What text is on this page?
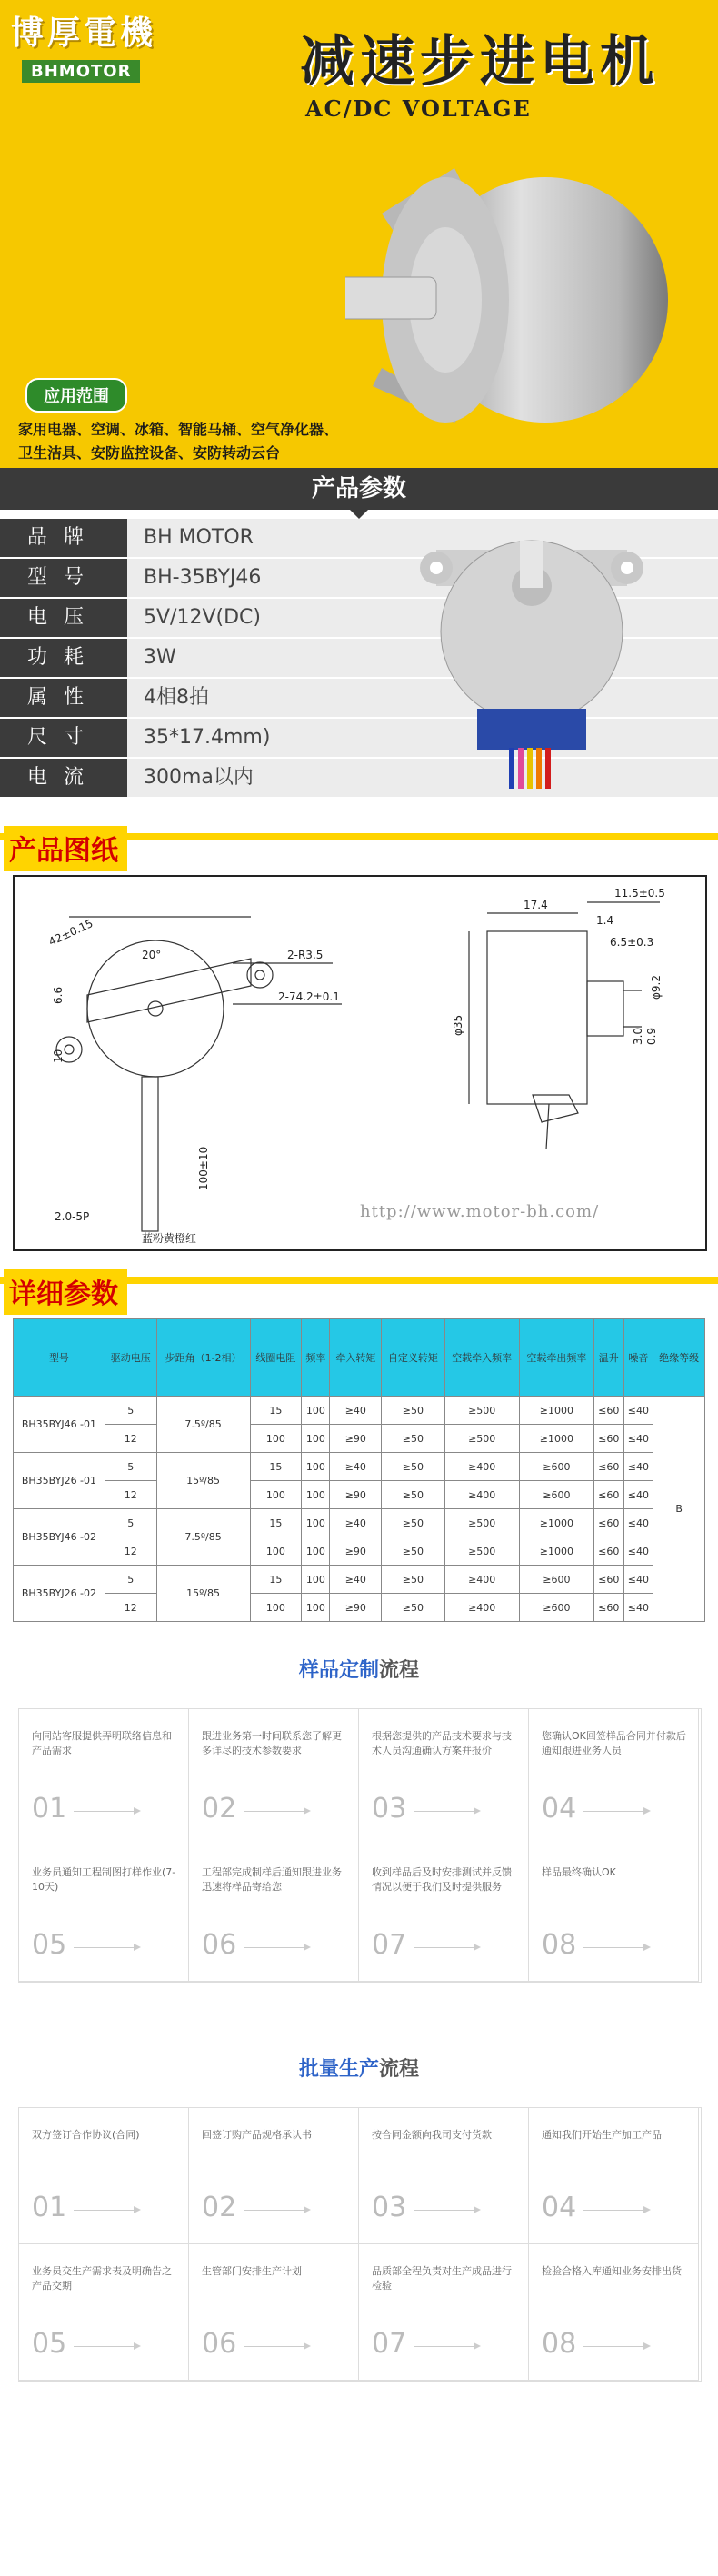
博厚電機
BHMOTOR	减速步进电机
AC/DC VOLTAGE
应用范围
家用电器、空调、冰箱、智能马桶、空气净化器、卫生洁具、安防监控设备、安防转动云台
产品参数
品牌	BH MOTOR
型号	BH-35BYJ46
电压	5V/12V(DC)
功耗	3W
属性	4相8拍
尺寸	35*17.4mm)
电流	300ma以内
产品图纸
42±0.15
2-R3.5
2-74.2±0.1
6.6
20°
10
100±10
2.0-5P
蓝粉黄橙红
17.4
11.5±0.5
1.4
6.5±0.3
φ35
φ9.2
3.0 0.9
http://www.motor-bh.com/
详细参数
型号	驱动电压	步距角（1-2相）	线圈电阻	频率	牵入转矩	自定义转矩	空载牵入频率	空载牵出频率	温升	噪音	绝缘等级
BH35BYJ46 -01	5	7.5º/85	15	100	≥40	≥50	≥500	≥1000	≤60	≤40	B
	12		100	100	≥90	≥50	≥500	≥1000	≤60	≤40	
BH35BYJ26 -01	5	15º/85	15	100	≥40	≥50	≥400	≥600	≤60	≤40	
	12		100	100	≥90	≥50	≥400	≥600	≤60	≤40	
BH35BYJ46 -02	5	7.5º/85	15	100	≥40	≥50	≥500	≥1000	≤60	≤40	
	12		100	100	≥90	≥50	≥500	≥1000	≤60	≤40	
BH35BYJ26 -02	5	15º/85	15	100	≥40	≥50	≥400	≥600	≤60	≤40	
	12		100	100	≥90	≥50	≥400	≥600	≤60	≤40	
样品定制流程
向同站客服提供弄明联络信息和产品需求
01
跟进业务第一时间联系您了解更多详尽的技术参数要求
02
根据您提供的产品技术要求与技术人员沟通确认方案并报价
03
您确认OK回签样品合同并付款后通知跟进业务人员
04
业务员通知工程制图打样作业(7-10天)
05
工程部完成制样后通知跟进业务迅速将样品寄给您
06
收到样品后及时安排测试并反馈情况以便于我们及时提供服务
07
样品最终确认OK
08
批量生产流程
双方签订合作协议(合同)
01
回签订购产品规格承认书
02
按合同金额向我司支付货款
03
通知我们开始生产加工产品
04
业务员交生产需求表及明确告之产品交期
05
生管部门安排生产计划
06
品质部全程负责对生产成品进行检验
07
检验合格入库通知业务安排出货
08
